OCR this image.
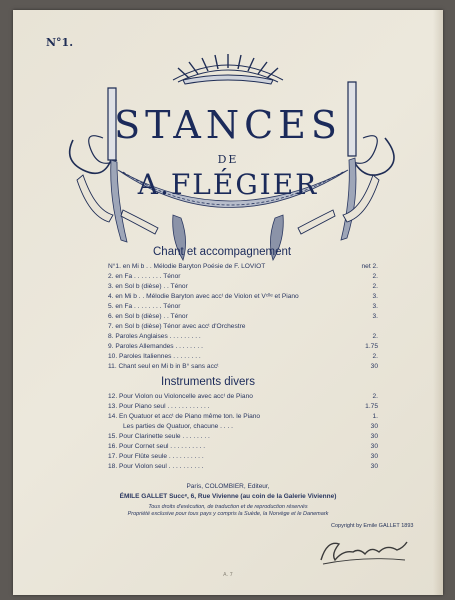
N°1.
STANCES
DE
A.FLÉGIER
Chant et accompagnement
N°1. en Mi b . . Mélodie Baryton Poésie de F. LOVIOT	net 2.
2. en Fa . . . . . . . . Ténor	2.
3. en Sol b (dièse) . . Ténor	2.
4. en Mi b . . Mélodie Baryton avec accᵗ de Violon et Vᶜˡˡᵉ et Piano	3.
5. en Fa . . . . . . . . Ténor	3.
6. en Sol b (dièse) . . Ténor	3.
7. en Sol b (dièse) Ténor avec accᵗ d'Orchestre
8. Paroles Anglaises . . . . . . . . .	2.
9. Paroles Allemandes . . . . . . . .	1.75
10. Paroles Italiennes . . . . . . . .	2.
11. Chant seul en Mi b in B° sans accᵗ	30
Instruments divers
12. Pour Violon ou Violoncelle avec accᵗ de Piano	2.
13. Pour Piano seul . . . . . . . . . . . .	1.75
14. En Quatuor et accᵗ de Piano même ton. le Piano	1.
Les parties de Quatuor, chacune . . . .	30
15. Pour Clarinette seule . . . . . . . .	30
16. Pour Cornet seul . . . . . . . . . .	30
17. Pour Flûte seule . . . . . . . . . .	30
18. Pour Violon seul . . . . . . . . . .	30
Paris, COLOMBIER, Editeur,
ÉMILE GALLET Succᵉ, 6, Rue Vivienne (au coin de la Galerie Vivienne)
Tous droits d'exécution, de traduction et de reproduction réservés
Propriété exclusive pour tous pays y compris la Suède, la Norvège et le Danemark
Copyright by Emile GALLET 1893
A. 7
